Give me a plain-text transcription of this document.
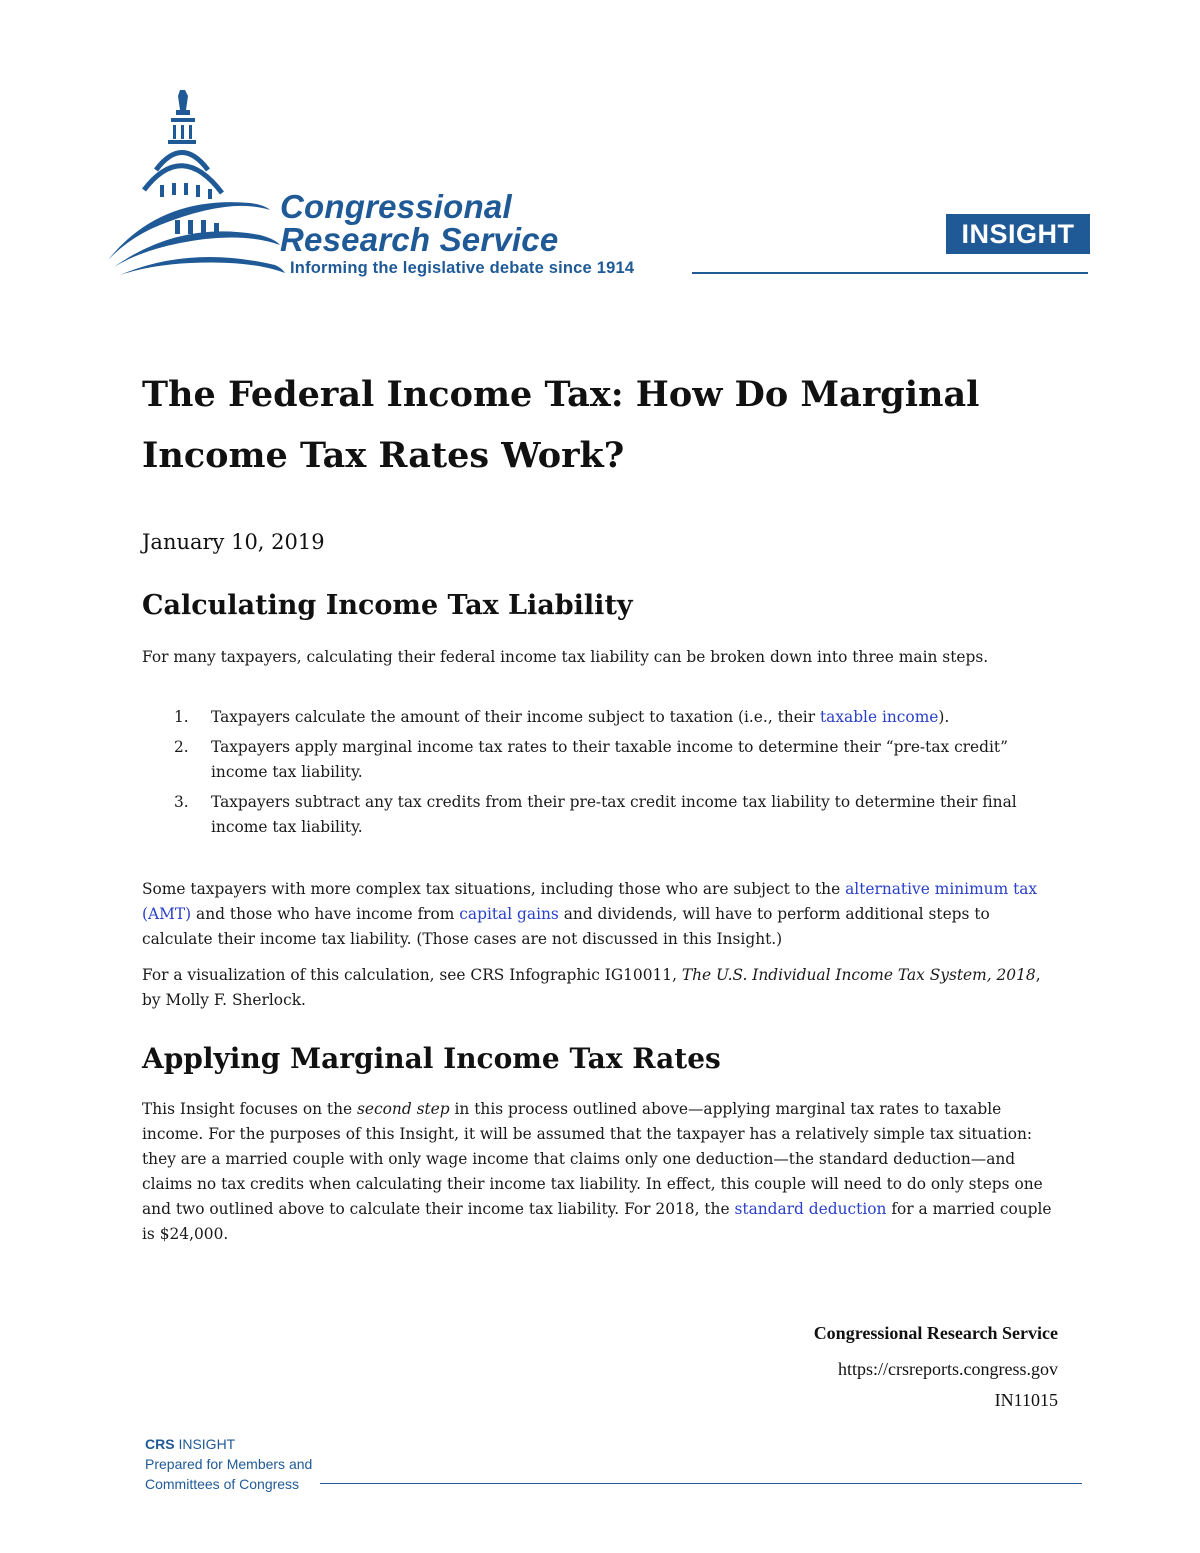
Congressional
Research Service
Informing the legislative debate since 1914
INSIGHT
The Federal Income Tax: How Do Marginal
Income Tax Rates Work?
January 10, 2019
Calculating Income Tax Liability

For many taxpayers, calculating their federal income tax liability can be broken down into three main steps.

1. Taxpayers calculate the amount of their income subject to taxation (i.e., their taxable income).
2. Taxpayers apply marginal income tax rates to their taxable income to determine their “pre-tax credit” income tax liability.
3. Taxpayers subtract any tax credits from their pre-tax credit income tax liability to determine their final income tax liability.

Some taxpayers with more complex tax situations, including those who are subject to the alternative minimum tax (AMT) and those who have income from capital gains and dividends, will have to perform additional steps to calculate their income tax liability. (Those cases are not discussed in this Insight.)

For a visualization of this calculation, see CRS Infographic IG10011, The U.S. Individual Income Tax System, 2018, by Molly F. Sherlock.

Applying Marginal Income Tax Rates

This Insight focuses on the second step in this process outlined above—applying marginal tax rates to taxable income. For the purposes of this Insight, it will be assumed that the taxpayer has a relatively simple tax situation: they are a married couple with only wage income that claims only one deduction—the standard deduction—and claims no tax credits when calculating their income tax liability. In effect, this couple will need to do only steps one and two outlined above to calculate their income tax liability. For 2018, the standard deduction for a married couple is $24,000.

Congressional Research Service
https://crsreports.congress.gov
IN11015
CRS INSIGHT
Prepared for Members and
Committees of Congress
